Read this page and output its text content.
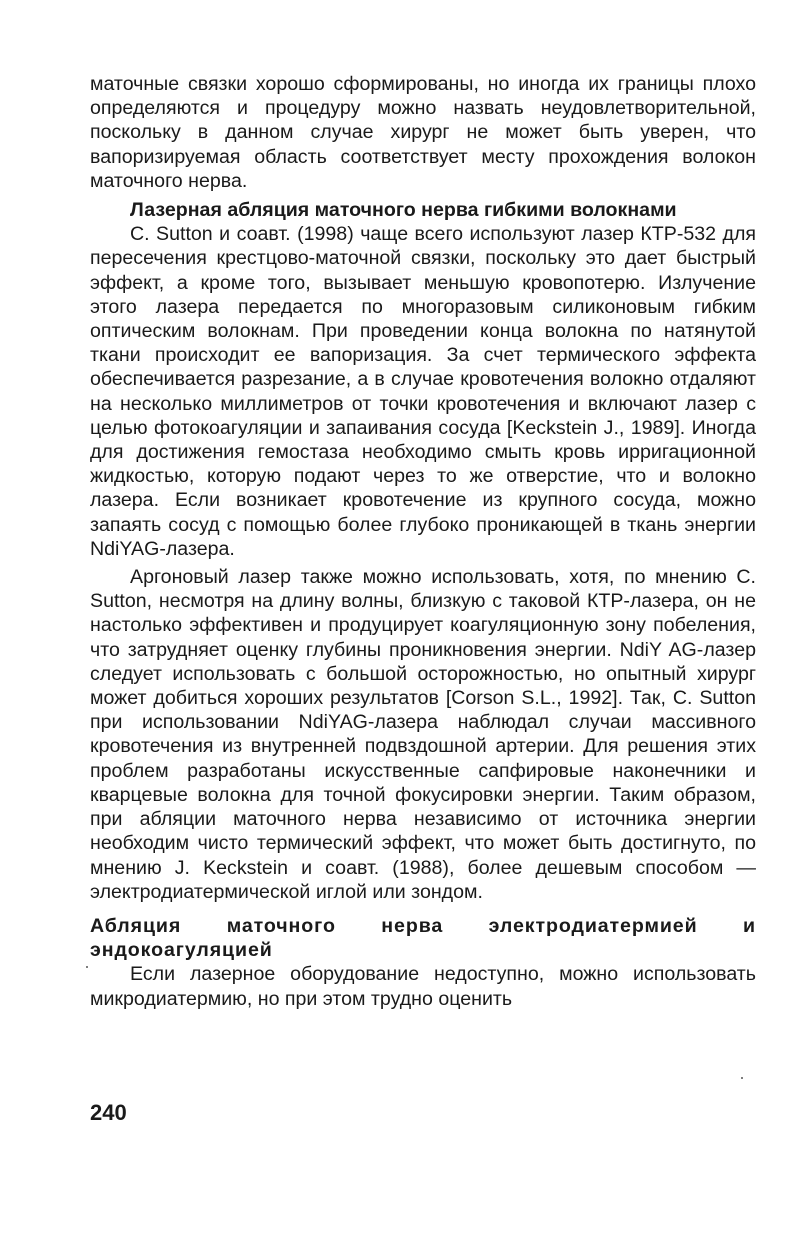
маточные связки хорошо сформированы, но иногда их границы плохо определяются и процедуру можно назвать неудовлетворительной, поскольку в данном случае хирург не может быть уверен, что вапоризируемая область соответствует месту прохождения волокон маточного нерва.

Лазерная абляция маточного нерва гибкими волокнами

C. Sutton и соавт. (1998) чаще всего используют лазер КТР-532 для пересечения крестцово-маточной связки, поскольку это дает быстрый эффект, а кроме того, вызывает меньшую кровопотерю. Излучение этого лазера передается по многоразовым силиконовым гибким оптическим волокнам. При проведении конца волокна по натянутой ткани происходит ее вапоризация. За счет термического эффекта обеспечивается разрезание, а в случае кровотечения волокно отдаляют на несколько миллиметров от точки кровотечения и включают лазер с целью фотокоагуляции и запаивания сосуда [Keckstein J., 1989]. Иногда для достижения гемостаза необходимо смыть кровь ирригационной жидкостью, которую подают через то же отверстие, что и волокно лазера. Если возникает кровотечение из крупного сосуда, можно запаять сосуд с помощью более глубоко проникающей в ткань энергии NdiYAG-лазера.

Аргоновый лазер также можно использовать, хотя, по мнению C. Sutton, несмотря на длину волны, близкую с таковой КТР-лазера, он не настолько эффективен и продуцирует коагуляционную зону побеления, что затрудняет оценку глубины проникновения энергии. NdiY AG-лазер следует использовать с большой осторожностью, но опытный хирург может добиться хороших результатов [Corson S.L., 1992]. Так, C. Sutton при использовании NdiYAG-лазера наблюдал случаи массивного кровотечения из внутренней подвздошной артерии. Для решения этих проблем разработаны искусственные сапфировые наконечники и кварцевые волокна для точной фокусировки энергии. Таким образом, при абляции маточного нерва независимо от источника энергии необходим чисто термический эффект, что может быть достигнуто, по мнению J. Keckstein и соавт. (1988), более дешевым способом — электродиатермической иглой или зондом.

Абляция маточного нерва электродиатермией и эндокоагуляцией

Если лазерное оборудование недоступно, можно использовать микродиатермию, но при этом трудно оценить

240
